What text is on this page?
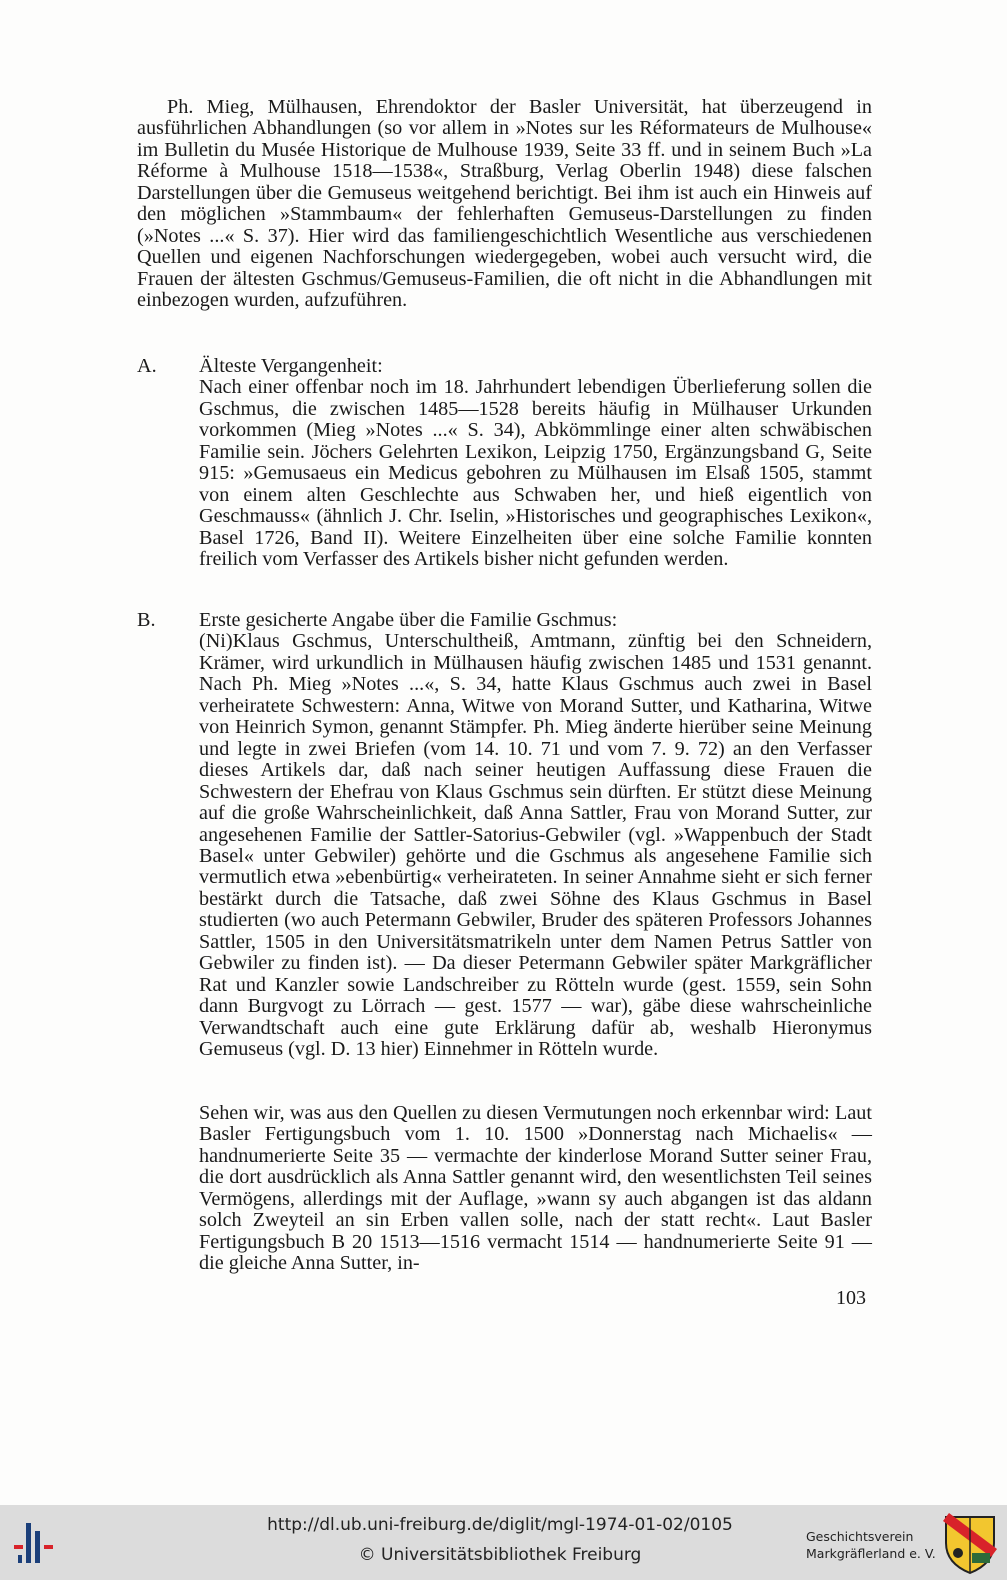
Ph. Mieg, Mülhausen, Ehrendoktor der Basler Universität, hat überzeugend in ausführlichen Abhandlungen (so vor allem in »Notes sur les Réformateurs de Mulhouse« im Bulletin du Musée Historique de Mulhouse 1939, Seite 33 ff. und in seinem Buch »La Réforme à Mulhouse 1518—1538«, Straßburg, Verlag Oberlin 1948) diese falschen Darstellungen über die Gemuseus weitgehend berichtigt. Bei ihm ist auch ein Hinweis auf den möglichen »Stammbaum« der fehlerhaften Gemuseus-Darstellungen zu finden (»Notes ...« S. 37). Hier wird das familiengeschichtlich Wesentliche aus verschiedenen Quellen und eigenen Nachforschungen wiedergegeben, wobei auch versucht wird, die Frauen der ältesten Gschmus/Gemuseus-Familien, die oft nicht in die Abhandlungen mit einbezogen wurden, aufzuführen.
A. Älteste Vergangenheit:
Nach einer offenbar noch im 18. Jahrhundert lebendigen Überlieferung sollen die Gschmus, die zwischen 1485—1528 bereits häufig in Mülhauser Urkunden vorkommen (Mieg »Notes ...« S. 34), Abkömmlinge einer alten schwäbischen Familie sein. Jöchers Gelehrten Lexikon, Leipzig 1750, Ergänzungsband G, Seite 915: »Gemusaeus ein Medicus gebohren zu Mülhausen im Elsaß 1505, stammt von einem alten Geschlechte aus Schwaben her, und hieß eigentlich von Geschmauss« (ähnlich J. Chr. Iselin, »Historisches und geographisches Lexikon«, Basel 1726, Band II). Weitere Einzelheiten über eine solche Familie konnten freilich vom Verfasser des Artikels bisher nicht gefunden werden.
B. Erste gesicherte Angabe über die Familie Gschmus:
(Ni)Klaus Gschmus, Unterschultheiß, Amtmann, zünftig bei den Schneidern, Krämer, wird urkundlich in Mülhausen häufig zwischen 1485 und 1531 genannt. Nach Ph. Mieg »Notes ...«, S. 34, hatte Klaus Gschmus auch zwei in Basel verheiratete Schwestern: Anna, Witwe von Morand Sutter, und Katharina, Witwe von Heinrich Symon, genannt Stämpfer. Ph. Mieg änderte hierüber seine Meinung und legte in zwei Briefen (vom 14. 10. 71 und vom 7. 9. 72) an den Verfasser dieses Artikels dar, daß nach seiner heutigen Auffassung diese Frauen die Schwestern der Ehefrau von Klaus Gschmus sein dürften. Er stützt diese Meinung auf die große Wahrscheinlichkeit, daß Anna Sattler, Frau von Morand Sutter, zur angesehenen Familie der Sattler-Satorius-Gebwiler (vgl. »Wappenbuch der Stadt Basel« unter Gebwiler) gehörte und die Gschmus als angesehene Familie sich vermutlich etwa »ebenbürtig« verheirateten. In seiner Annahme sieht er sich ferner bestärkt durch die Tatsache, daß zwei Söhne des Klaus Gschmus in Basel studierten (wo auch Petermann Gebwiler, Bruder des späteren Professors Johannes Sattler, 1505 in den Universitätsmatrikeln unter dem Namen Petrus Sattler von Gebwiler zu finden ist). — Da dieser Petermann Gebwiler später Markgräflicher Rat und Kanzler sowie Landschreiber zu Rötteln wurde (gest. 1559, sein Sohn dann Burgvogt zu Lörrach — gest. 1577 — war), gäbe diese wahrscheinliche Verwandtschaft auch eine gute Erklärung dafür ab, weshalb Hieronymus Gemuseus (vgl. D. 13 hier) Einnehmer in Rötteln wurde.
Sehen wir, was aus den Quellen zu diesen Vermutungen noch erkennbar wird: Laut Basler Fertigungsbuch vom 1. 10. 1500 »Donnerstag nach Michaelis« — handnumerierte Seite 35 — vermachte der kinderlose Morand Sutter seiner Frau, die dort ausdrücklich als Anna Sattler genannt wird, den wesentlichsten Teil seines Vermögens, allerdings mit der Auflage, »wann sy auch abgangen ist das aldann solch Zweyteil an sin Erben vallen solle, nach der statt recht«. Laut Basler Fertigungsbuch B 20 1513—1516 vermacht 1514 — handnumerierte Seite 91 — die gleiche Anna Sutter, in-
103
http://dl.ub.uni-freiburg.de/diglit/mgl-1974-01-02/0105
© Universitätsbibliothek Freiburg
Geschichtsverein
Markgräflerland e. V.
